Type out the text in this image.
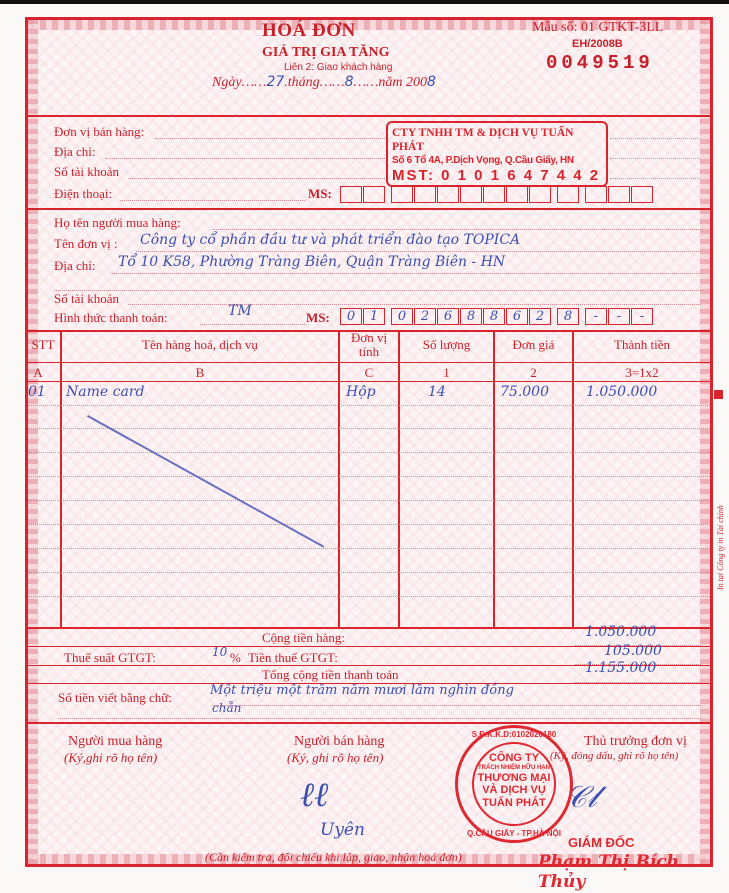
HOÁ ĐƠN
GIÁ TRỊ GIA TĂNG
Liên 2: Giao khách hàng
Ngày……27.tháng……8……năm 2008
Mẫu số: 01 GTKT-3LL
EH/2008B
0049519
Đơn vị bán hàng:
Địa chỉ:
Số tài khoản
Điện thoại:	MS:
CTY TNHH TM & DỊCH VỤ TUẤN PHÁT
Số 6 Tổ 4A, P.Dịch Vọng, Q.Cầu Giấy, HN
MST: 0 1 0 1 6 4 7 4 4 2
Họ tên người mua hàng:
Tên đơn vị : Công ty cổ phần đầu tư và phát triển đào tạo TOPICA
Địa chỉ: Tổ 10 K58, Phường Tràng Biên, Quận Tràng Biên - HN
Số tài khoản
Hình thức thanh toán:	TM	MS:	0	1	0	2	6	8	8	6	2	8	-	-	-
STT	Tên hàng hoá, dịch vụ	Đơn vị tính	Số lượng	Đơn giá	Thành tiền
A	B	C	1	2	3=1x2
01 Name card	Hộp	14	75.000	1.050.000
In tại Công ty in Tài chính
Cộng tiền hàng:	1.050.000
Thuế suất GTGT:	10 % Tiền thuế GTGT:	105.000
Tổng cộng tiền thanh toán	1.155.000
Số tiền viết bằng chữ:	Một triệu một trăm năm mươi lăm nghìn đồng
chẵn
Người mua hàng
(Ký,ghi rõ họ tên)
Người bán hàng
(Ký, ghi rõ họ tên)
ℓℓ
Uyên
Thủ trưởng đơn vị
(Ký, đóng dấu, ghi rõ họ tên)
𝒞𝓁
S.Đ.K.K.D:0102020180
CÔNG TY
TRÁCH NHIỆM HỮU HẠN
THƯƠNG MẠI
VÀ DỊCH VỤ
TUẤN PHÁT
Q.CẦU GIẤY - TP.HÀ NỘI
GIÁM ĐỐC
Phạm Thị Bích Thủy
(Cần kiểm tra, đối chiếu khi lập, giao, nhận hoá đơn)
